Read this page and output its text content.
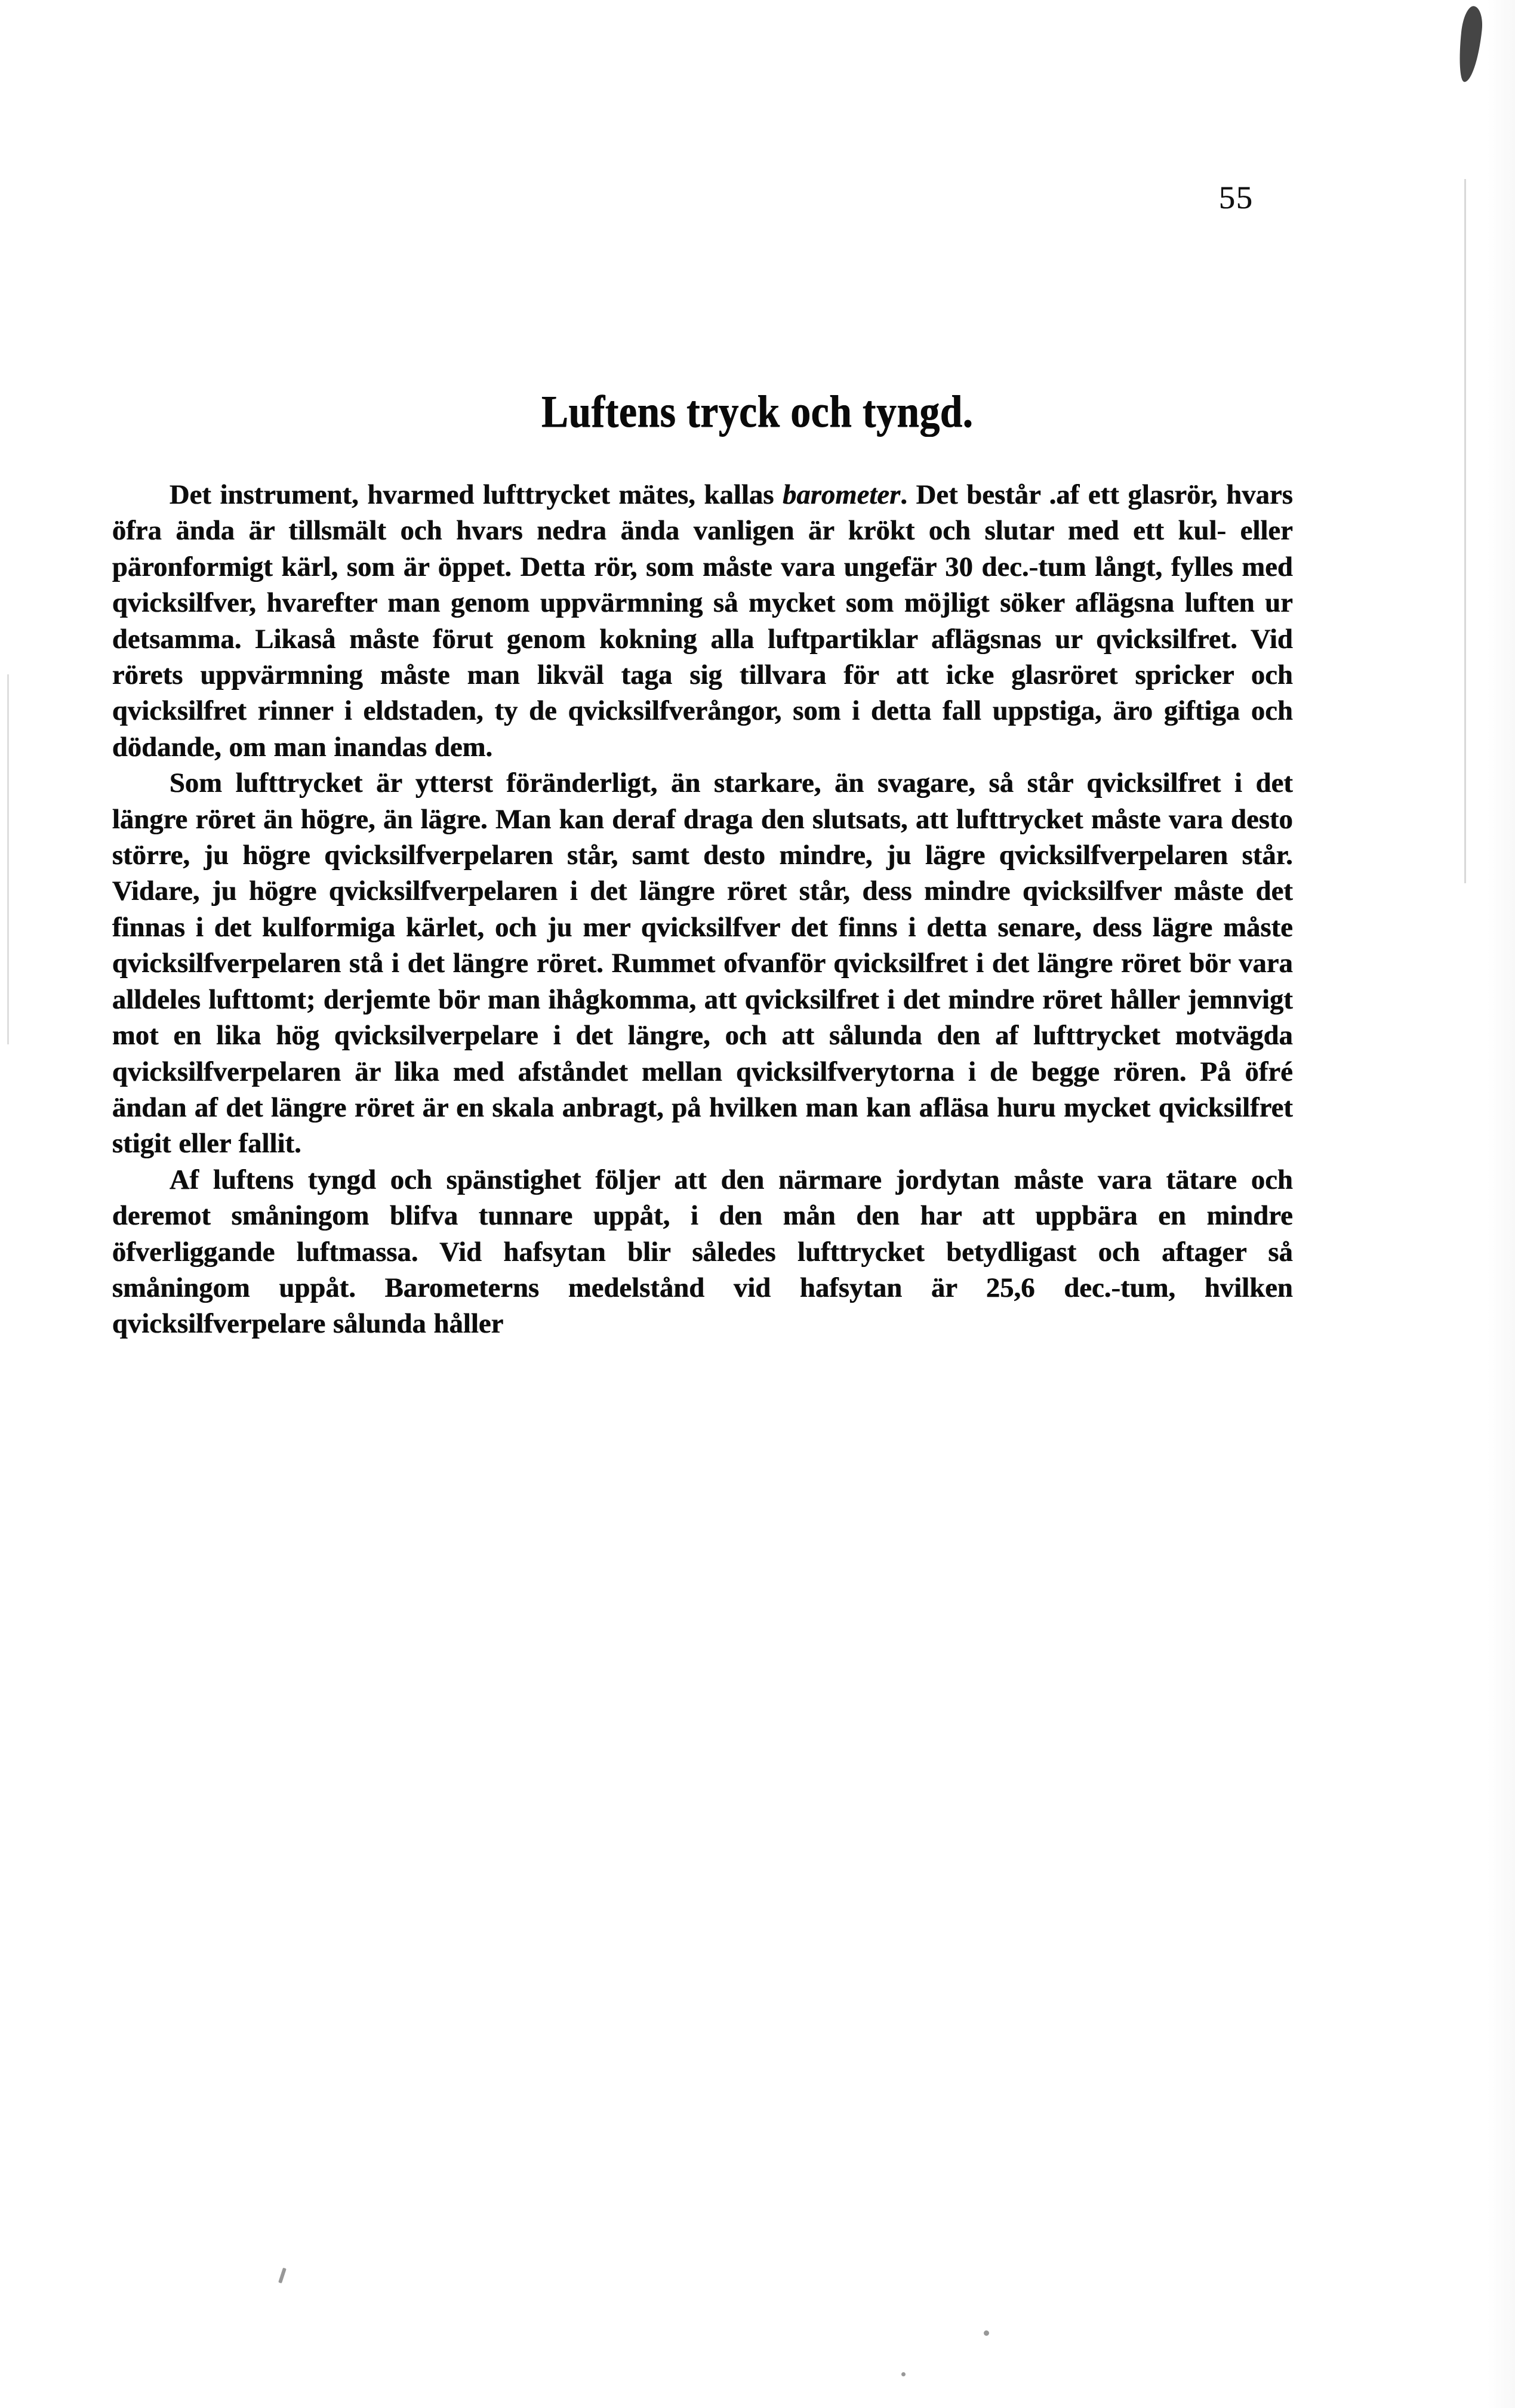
55
Luftens tryck och tyngd.

Det instrument, hvarmed lufttrycket mätes, kallas barometer. Det består .af ett glasrör, hvars öfra ända är tillsmält och hvars nedra ända vanligen är krökt och slutar med ett kul- eller päronformigt kärl, som är öppet. Detta rör, som måste vara ungefär 30 dec.-tum långt, fylles med qvicksilfver, hvarefter man genom uppvärmning så mycket som möjligt söker aflägsna luften ur detsamma. Likaså måste förut genom kokning alla luftpartiklar aflägsnas ur qvicksilfret. Vid rörets uppvärmning måste man likväl taga sig tillvara för att icke glasröret spricker och qvicksilfret rinner i eldstaden, ty de qvicksilfverångor, som i detta fall uppstiga, äro giftiga och dödande, om man inandas dem.

Som lufttrycket är ytterst föränderligt, än starkare, än svagare, så står qvicksilfret i det längre röret än högre, än lägre. Man kan deraf draga den slutsats, att lufttrycket måste vara desto större, ju högre qvicksilfverpelaren står, samt desto mindre, ju lägre qvicksilfverpelaren står. Vidare, ju högre qvicksilfverpelaren i det längre röret står, dess mindre qvicksilfver måste det finnas i det kulformiga kärlet, och ju mer qvicksilfver det finns i detta senare, dess lägre måste qvicksilfverpelaren stå i det längre röret. Rummet ofvanför qvicksilfret i det längre röret bör vara alldeles lufttomt; derjemte bör man ihågkomma, att qvicksilfret i det mindre röret håller jemnvigt mot en lika hög qvicksilverpelare i det längre, och att sålunda den af lufttrycket motvägda qvicksilfverpelaren är lika med afståndet mellan qvicksilfverytorna i de begge rören. På öfré ändan af det längre röret är en skala anbragt, på hvilken man kan afläsa huru mycket qvicksilfret stigit eller fallit.

Af luftens tyngd och spänstighet följer att den närmare jordytan måste vara tätare och deremot småningom blifva tunnare uppåt, i den mån den har att uppbära en mindre öfverliggande luftmassa. Vid hafsytan blir således lufttrycket betydligast och aftager så småningom uppåt. Barometerns medelstånd vid hafsytan är 25,6 dec.-tum, hvilken qvicksilfverpelare sålunda håller
